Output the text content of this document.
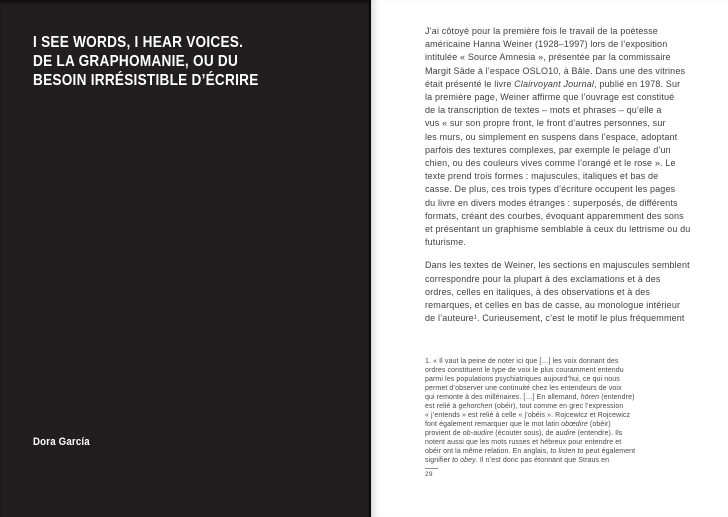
I SEE WORDS, I HEAR VOICES.
DE LA GRAPHOMANIE, OU DU
BESOIN IRRÉSISTIBLE D’ÉCRIRE
Dora García

J’ai côtoyé pour la première fois le travail de la poétesse
américaine Hanna Weiner (1928–1997) lors de l’exposition
intitulée « Source Amnesia », présentée par la commissaire
Margit Säde à l’espace OSLO10, à Bâle. Dans une des vitrines
était présenté le livre Clairvoyant Journal, publié en 1978. Sur
la première page, Weiner affirme que l’ouvrage est constitué
de la transcription de textes – mots et phrases – qu’elle a
vus « sur son propre front, le front d’autres personnes, sur
les murs, ou simplement en suspens dans l’espace, adoptant
parfois des textures complexes, par exemple le pelage d’un
chien, ou des couleurs vives comme l’orangé et le rose ». Le
texte prend trois formes : majuscules, italiques et bas de
casse. De plus, ces trois types d’écriture occupent les pages
du livre en divers modes étranges : superposés, de différents
formats, créant des courbes, évoquant apparemment des sons
et présentant un graphisme semblable à ceux du lettrisme ou du
futurisme.

Dans les textes de Weiner, les sections en majuscules semblent
correspondre pour la plupart à des exclamations et à des
ordres, celles en italiques, à des observations et à des
remarques, et celles en bas de casse, au monologue intérieur
de l’auteure¹. Curieusement, c’est le motif le plus fréquemment

1. « Il vaut la peine de noter ici que […] les voix donnant des
ordres constituent le type de voix le plus couramment entendu
parmi les populations psychiatriques aujourd’hui, ce qui nous
permet d’observer une continuité chez les entendeurs de voix
qui remonte à des millénaires. […] En allemand, hören (entendre)
est relié à gehorchen (obéir), tout comme en grec l’expression
« j’entends » est relié à celle « j’obéis ». Rojcewicz et Rojcewicz
font également remarquer que le mot latin obœdire (obéir)
provient de ob-audire (écouter sous), de audire (entendre). Ils
notent aussi que les mots russes et hébreux pour entendre et
obéir ont la même relation. En anglais, to listen to peut également
signifier to obey. Il n’est donc pas étonnant que Straus en
29
